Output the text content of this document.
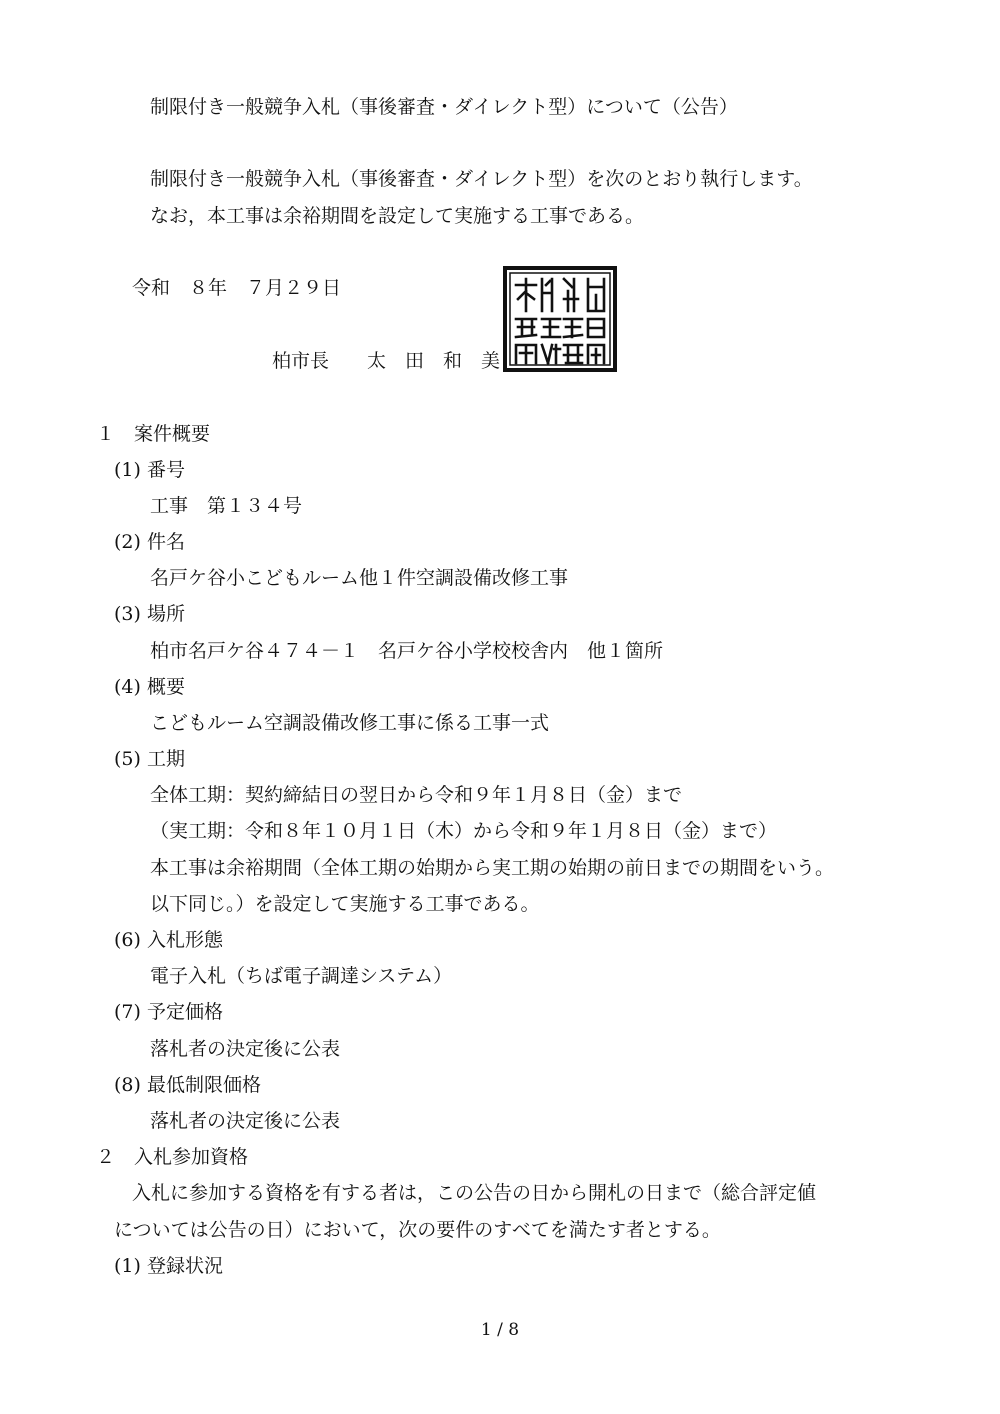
制限付き一般競争入札（事後審査・ダイレクト型）について（公告）

制限付き一般競争入札（事後審査・ダイレクト型）を次のとおり執行します。

なお，本工事は余裕期間を設定して実施する工事である。

令和　８年　７月２９日

柏市長　　太　田　和　美

１　案件概要

(1) 番号

工事　第１３４号

(2) 件名

名戸ケ谷小こどもルーム他１件空調設備改修工事

(3) 場所

柏市名戸ケ谷４７４－１　名戸ケ谷小学校校舎内　他１箇所

(4) 概要

こどもルーム空調設備改修工事に係る工事一式

(5) 工期

全体工期：契約締結日の翌日から令和９年１月８日（金）まで

（実工期：令和８年１０月１日（木）から令和９年１月８日（金）まで）

本工事は余裕期間（全体工期の始期から実工期の始期の前日までの期間をいう。

以下同じ。）を設定して実施する工事である。

(6) 入札形態

電子入札（ちば電子調達システム）

(7) 予定価格

落札者の決定後に公表

(8) 最低制限価格

落札者の決定後に公表

２　入札参加資格

入札に参加する資格を有する者は，この公告の日から開札の日まで（総合評定値

については公告の日）において，次の要件のすべてを満たす者とする。

(1) 登録状況

1 / 8
